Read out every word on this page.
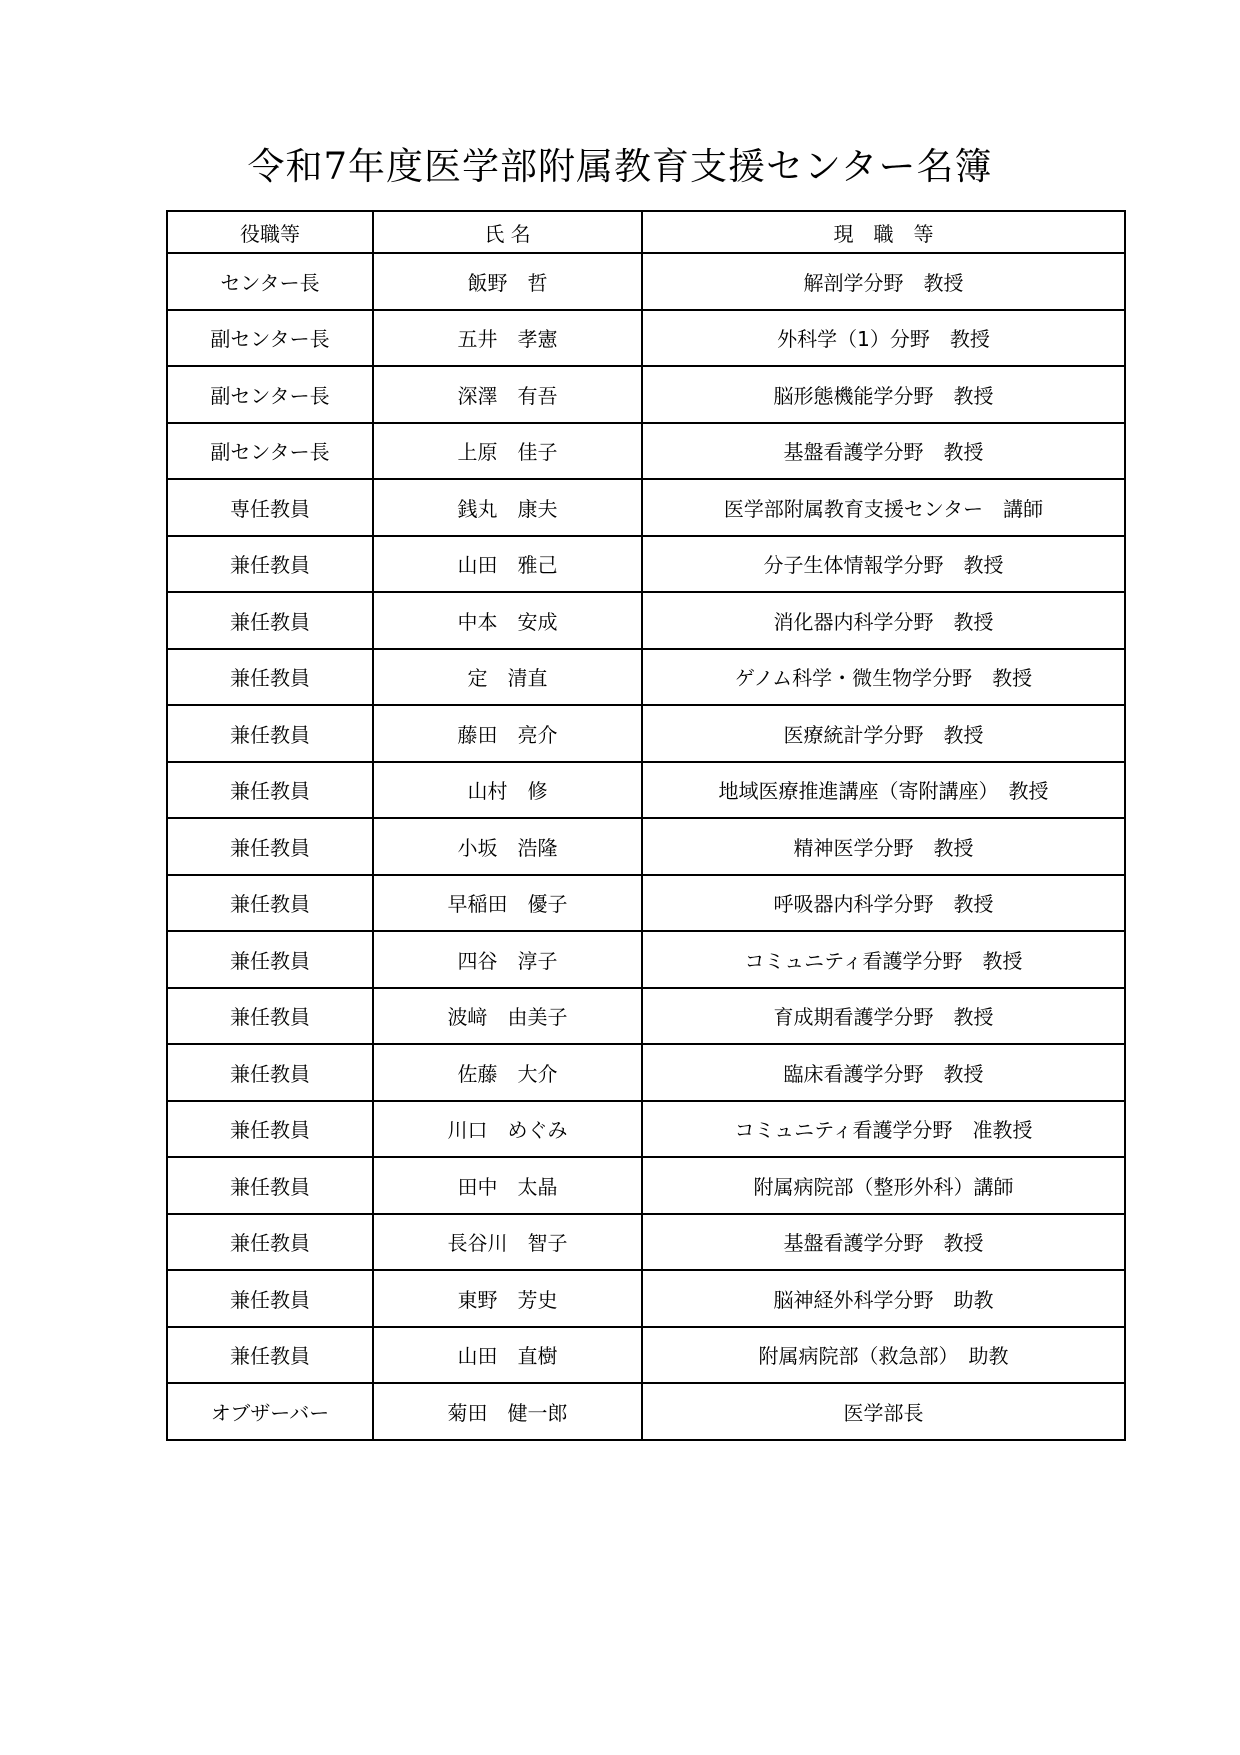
令和7年度医学部附属教育支援センター名簿
役職等	氏 名	現　職　等
センター長	飯野　哲	解剖学分野　教授
副センター長	五井　孝憲	外科学（1）分野　教授
副センター長	深澤　有吾	脳形態機能学分野　教授
副センター長	上原　佳子	基盤看護学分野　教授
専任教員	銭丸　康夫	医学部附属教育支援センター　講師
兼任教員	山田　雅己	分子生体情報学分野　教授
兼任教員	中本　安成	消化器内科学分野　教授
兼任教員	定　清直	ゲノム科学・微生物学分野　教授
兼任教員	藤田　亮介	医療統計学分野　教授
兼任教員	山村　修	地域医療推進講座（寄附講座）　教授
兼任教員	小坂　浩隆	精神医学分野　教授
兼任教員	早稲田　優子	呼吸器内科学分野　教授
兼任教員	四谷　淳子	コミュニティ看護学分野　教授
兼任教員	波﨑　由美子	育成期看護学分野　教授
兼任教員	佐藤　大介	臨床看護学分野　教授
兼任教員	川口　めぐみ	コミュニティ看護学分野　准教授
兼任教員	田中　太晶	附属病院部（整形外科）講師
兼任教員	長谷川　智子	基盤看護学分野　教授
兼任教員	東野　芳史	脳神経外科学分野　助教
兼任教員	山田　直樹	附属病院部（救急部）　助教
オブザーバー	菊田　健一郎	医学部長
